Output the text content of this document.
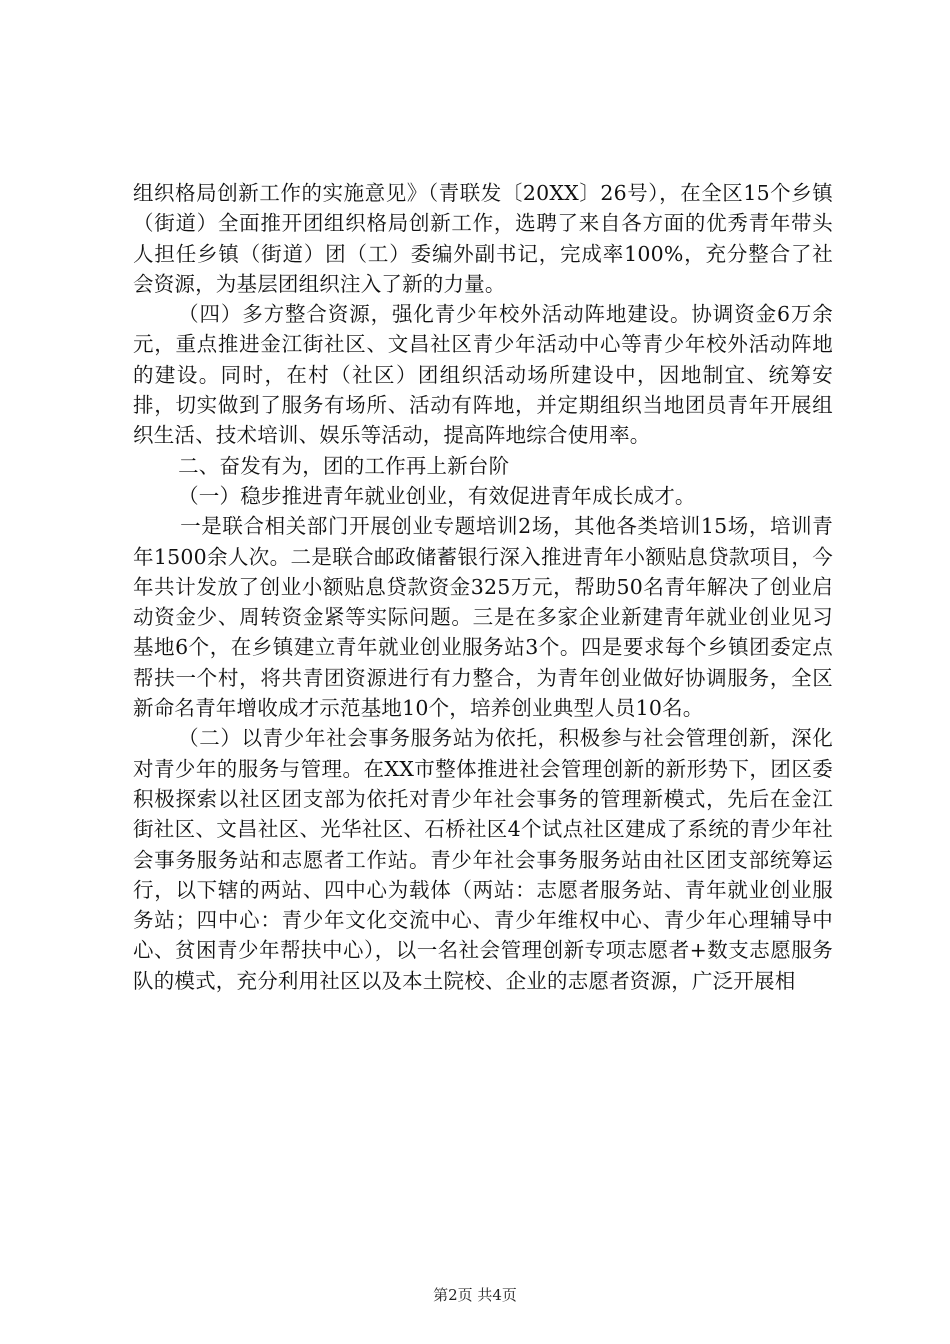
组织格局创新工作的实施意见》（青联发〔20XX〕26号），在全区15个乡镇（街道）全面推开团组织格局创新工作，选聘了来自各方面的优秀青年带头人担任乡镇（街道）团（工）委编外副书记，完成率100%，充分整合了社会资源，为基层团组织注入了新的力量。

（四）多方整合资源，强化青少年校外活动阵地建设。协调资金6万余元，重点推进金江街社区、文昌社区青少年活动中心等青少年校外活动阵地的建设。同时，在村（社区）团组织活动场所建设中，因地制宜、统筹安排，切实做到了服务有场所、活动有阵地，并定期组织当地团员青年开展组织生活、技术培训、娱乐等活动，提高阵地综合使用率。

二、奋发有为，团的工作再上新台阶

（一）稳步推进青年就业创业，有效促进青年成长成才。

一是联合相关部门开展创业专题培训2场，其他各类培训15场，培训青年1500余人次。二是联合邮政储蓄银行深入推进青年小额贴息贷款项目，今年共计发放了创业小额贴息贷款资金325万元，帮助50名青年解决了创业启动资金少、周转资金紧等实际问题。三是在多家企业新建青年就业创业见习基地6个，在乡镇建立青年就业创业服务站3个。四是要求每个乡镇团委定点帮扶一个村，将共青团资源进行有力整合，为青年创业做好协调服务，全区新命名青年增收成才示范基地10个，培养创业典型人员10名。

（二）以青少年社会事务服务站为依托，积极参与社会管理创新，深化对青少年的服务与管理。在XX市整体推进社会管理创新的新形势下，团区委积极探索以社区团支部为依托对青少年社会事务的管理新模式，先后在金江街社区、文昌社区、光华社区、石桥社区4个试点社区建成了系统的青少年社会事务服务站和志愿者工作站。青少年社会事务服务站由社区团支部统筹运行，以下辖的两站、四中心为载体（两站：志愿者服务站、青年就业创业服务站；四中心：青少年文化交流中心、青少年维权中心、青少年心理辅导中心、贫困青少年帮扶中心），以一名社会管理创新专项志愿者+数支志愿服务队的模式，充分利用社区以及本土院校、企业的志愿者资源，广泛开展相

第2页 共4页
